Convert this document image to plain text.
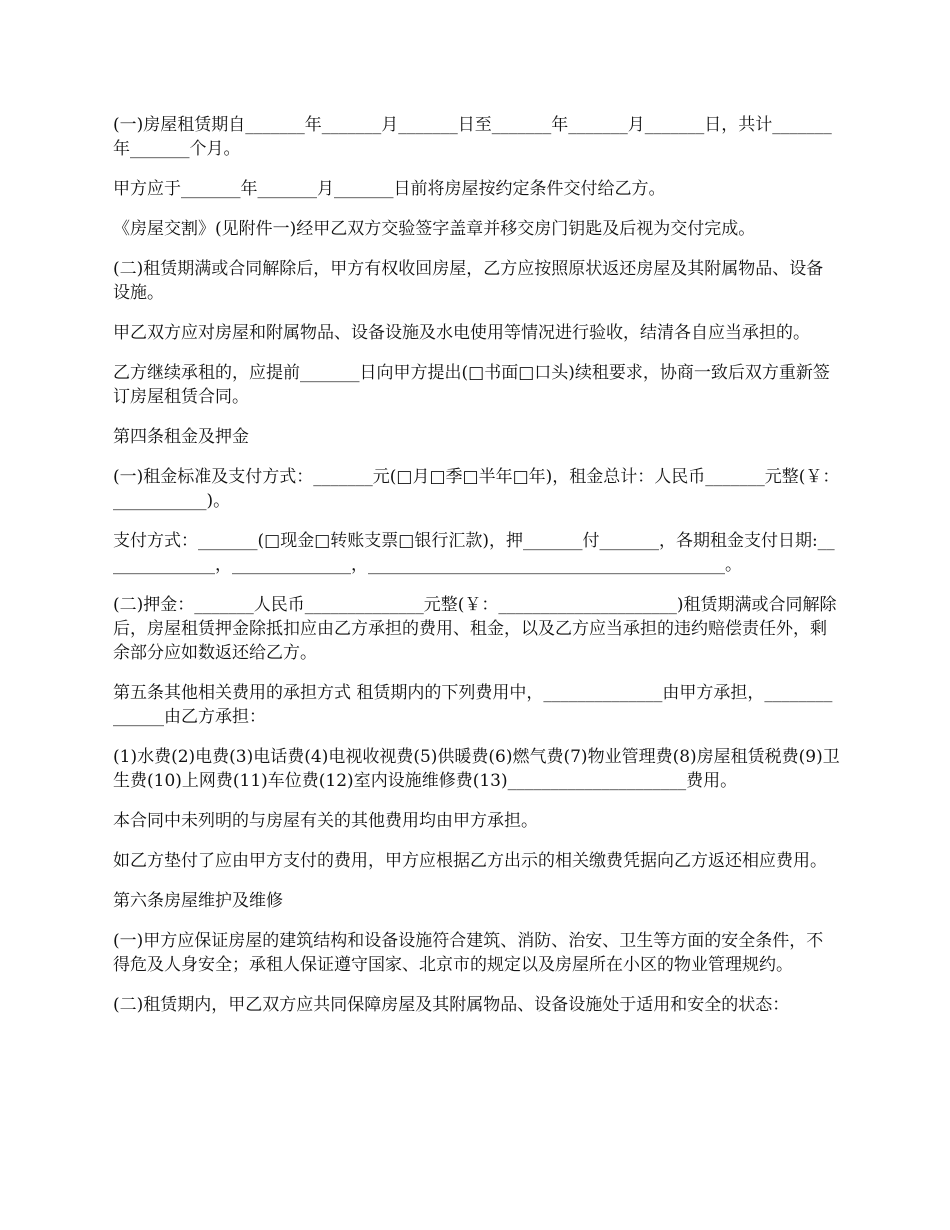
(一)房屋租赁期自_______年_______月_______日至_______年_______月_______日，共计_______年_______个月。

甲方应于_______年_______月_______日前将房屋按约定条件交付给乙方。

《房屋交割》(见附件一)经甲乙双方交验签字盖章并移交房门钥匙及后视为交付完成。

(二)租赁期满或合同解除后，甲方有权收回房屋，乙方应按照原状返还房屋及其附属物品、设备设施。

甲乙双方应对房屋和附属物品、设备设施及水电使用等情况进行验收，结清各自应当承担的。

乙方继续承租的，应提前_______日向甲方提出(□书面□口头)续租要求，协商一致后双方重新签订房屋租赁合同。

第四条租金及押金

(一)租金标准及支付方式：_______元(□月□季□半年□年)，租金总计：人民币_______元整(￥：___________)。

支付方式：_______(□现金□转账支票□银行汇款)，押_______付_______，各期租金支付日期:______________，______________，__________________________________________。

(二)押金：_______人民币______________元整(￥：_____________________)租赁期满或合同解除后，房屋租赁押金除抵扣应由乙方承担的费用、租金，以及乙方应当承担的违约赔偿责任外，剩余部分应如数返还给乙方。

第五条其他相关费用的承担方式 租赁期内的下列费用中，______________由甲方承担，______________由乙方承担：

(1)水费(2)电费(3)电话费(4)电视收视费(5)供暖费(6)燃气费(7)物业管理费(8)房屋租赁税费(9)卫生费(10)上网费(11)车位费(12)室内设施维修费(13)_____________________费用。

本合同中未列明的与房屋有关的其他费用均由甲方承担。

如乙方垫付了应由甲方支付的费用，甲方应根据乙方出示的相关缴费凭据向乙方返还相应费用。

第六条房屋维护及维修

(一)甲方应保证房屋的建筑结构和设备设施符合建筑、消防、治安、卫生等方面的安全条件，不得危及人身安全；承租人保证遵守国家、北京市的规定以及房屋所在小区的物业管理规约。

(二)租赁期内，甲乙双方应共同保障房屋及其附属物品、设备设施处于适用和安全的状态：
